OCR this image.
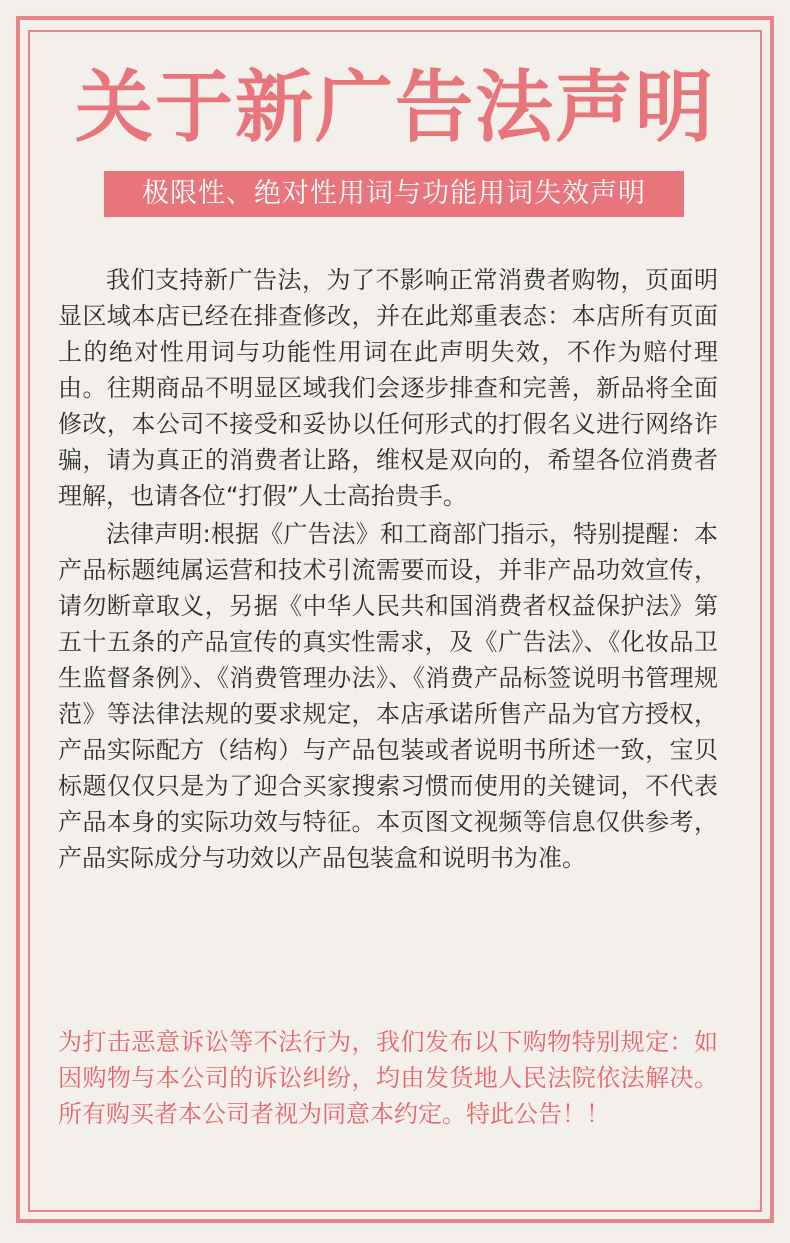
关于新广告法声明
极限性、绝对性用词与功能用词失效声明

我们支持新广告法，为了不影响正常消费者购物，页面明显区域本店已经在排查修改，并在此郑重表态：本店所有页面上的绝对性用词与功能性用词在此声明失效，不作为赔付理由。往期商品不明显区域我们会逐步排查和完善，新品将全面修改，本公司不接受和妥协以任何形式的打假名义进行网络诈骗，请为真正的消费者让路，维权是双向的，希望各位消费者理解，也请各位“打假”人士高抬贵手。

法律声明:根据《广告法》和工商部门指示，特别提醒：本产品标题纯属运营和技术引流需要而设，并非产品功效宣传，请勿断章取义，另据《中华人民共和国消费者权益保护法》第五十五条的产品宣传的真实性需求，及《广告法》、《化妆品卫生监督条例》、《消费管理办法》、《消费产品标签说明书管理规范》等法律法规的要求规定，本店承诺所售产品为官方授权，产品实际配方（结构）与产品包装或者说明书所述一致，宝贝标题仅仅只是为了迎合买家搜索习惯而使用的关键词，不代表产品本身的实际功效与特征。本页图文视频等信息仅供参考，产品实际成分与功效以产品包装盒和说明书为准。

为打击恶意诉讼等不法行为，我们发布以下购物特别规定：如因购物与本公司的诉讼纠纷，均由发货地人民法院依法解决。所有购买者本公司者视为同意本约定。特此公告！！
